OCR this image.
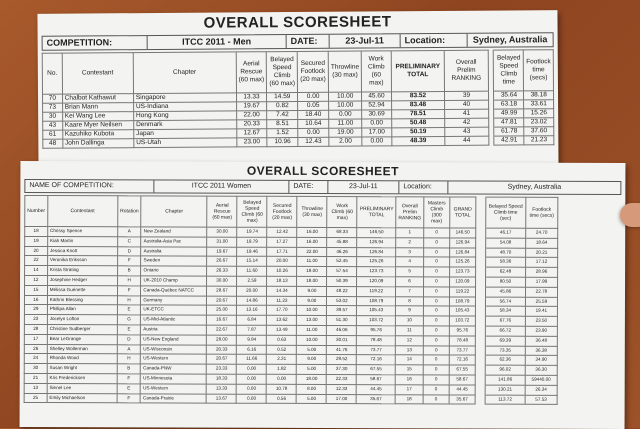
OVERALL SCORESHEET
COMPETITION:	ITCC 2011 - Men	DATE:	23-Jul-11	Location:	Sydney, Australia
No.	Contestant	Chapter	Aerial Rescue (60 max)	Belayed Speed Climb (60 max)	Secured Footlock (20 max)	Throwline (30 max)	Work Climb (60 max)	PRELIMINARY TOTAL	Overall Prelim RANKING		Belayed Speed Climb time	Footlock time (secs)
70	Chalbot Kathawut	Singapore	13.33	14.59	0.00	10.00	45.60	83.52	39		35.64	38.18
73	Brian Mann	US-Indiana	19.67	0.82	0.05	10.00	52.94	83.48	40		63.18	33.61
30	Kei Wang Lee	Hong Kong	22.00	7.42	18.40	0.00	30.69	78.51	41		49.99	15.26
43	Kaare Myer Neilsen	Denmark	20.33	8.51	10.64	11.00	0.00	50.48	42		47.81	23.02
61	Kazuhiko Kubota	Japan	12.67	1.52	0.00	19.00	17.00	50.19	43		61.78	37.60
48	John Dallinga	US-Utah	23.00	10.96	12.43	2.00	0.00	48.39	44		42.91	21.23
OVERALL SCORESHEET
NAME OF COMPETITION:	ITCC 2011 Women	DATE:	23-Jul-11	Location:	Sydney, Australia
Number	Contestant	Rotation	Chapter	Aerial Rescue (60 max)	Belayed Speed Climb (60 max)	Secured Footlock (20 max)	Throwline (30 max)	Work Climb (60 max)	PRELIMINARY TOTAL	Overall Prelim RANKING	Masters Climb (300 max)	GRAND TOTAL		Belayed Speed Climb time (sec)	Footlock time (secs)
18	Chrissy Spence	A	New Zealand	30.00	19.74	12.42	16.00	68.33	146.50	1	0	146.50		46.17	24.70
19	Kiah Martin	C	Australia-Asia Pac	31.00	19.79	17.27	16.00	45.88	126.94	2	0	126.94		54.08	18.64
20	Jessica Knott	D	Australia	19.67	19.46	17.71	22.00	46.26	126.84	3	0	126.84		48.70	20.21
22	Veronika Eriksson	F	Sweden	26.67	15.14	20.00	11.00	52.45	125.26	4	0	125.26		58.36	17.12
14	Krista Strating	B	Ontario	26.33	11.60	10.26	18.00	57.54	123.73	5	0	123.73		62.48	28.96
12	Josephine Hedger	H	UK-2010 Champ	30.00	2.59	18.13	18.00	50.39	120.09	6	0	120.09		80.50	17.99
15	Mélissa Guénette	F	Canada-Québec NATCC	28.67	20.00	14.34	9.00	48.22	119.22	7	0	119.22		45.86	22.78
16	Kathrin Blessing	H	Germany	20.67	14.86	11.23	9.00	53.02	108.79	8	0	108.79		56.74	25.59
29	Phillipa Allan	E	UK-ETCC	25.00	13.16	17.70	10.00	39.57	105.43	9	0	105.43		58.34	19.41
23	Jocelyn Lofton	G	US-Mid-Atlantic	16.67	6.84	13.62	13.00	51.30	103.72	10	0	103.72		67.76	23.50
28	Christine Sudberger	E	Austria	22.67	7.87	13.49	11.00	46.06	95.76	11	0	95.76		66.72	23.90
17	Bear LeGrange	D	US-New England	28.00	9.84	0.63	10.00	30.01	78.48	12	0	78.48		69.39	36.48
26	Shelley Wollerman	A	US-Wisconsin	20.33	6.16	0.52	5.00	41.76	73.77	13	0	73.77		73.35	36.38
24	Rhonda Wood	H	US-Western	20.67	11.66	2.31	9.00	29.52	72.16	14	0	72.16		62.36	34.90
30	Susan Wright	B	Canada-PNW	23.33	0.00	1.82	5.00	37.30	67.55	15	0	67.55		96.02	36.30
21	Kris Fredericksen	F	US-Minnesota	18.33	0.00	0.00	18.00	22.33	58.67	16	0	58.67		141.86	59440.00
13	Sienel Lee	E	US-Western	13.33	0.00	10.78	8.00	12.33	44.45	17	0	44.45		130.21	26.34
25	Emily Michaelson	F	Canada-Prairie	13.67	0.00	0.56	5.00	17.00	35.67	18	0	35.67		113.72	57.53
